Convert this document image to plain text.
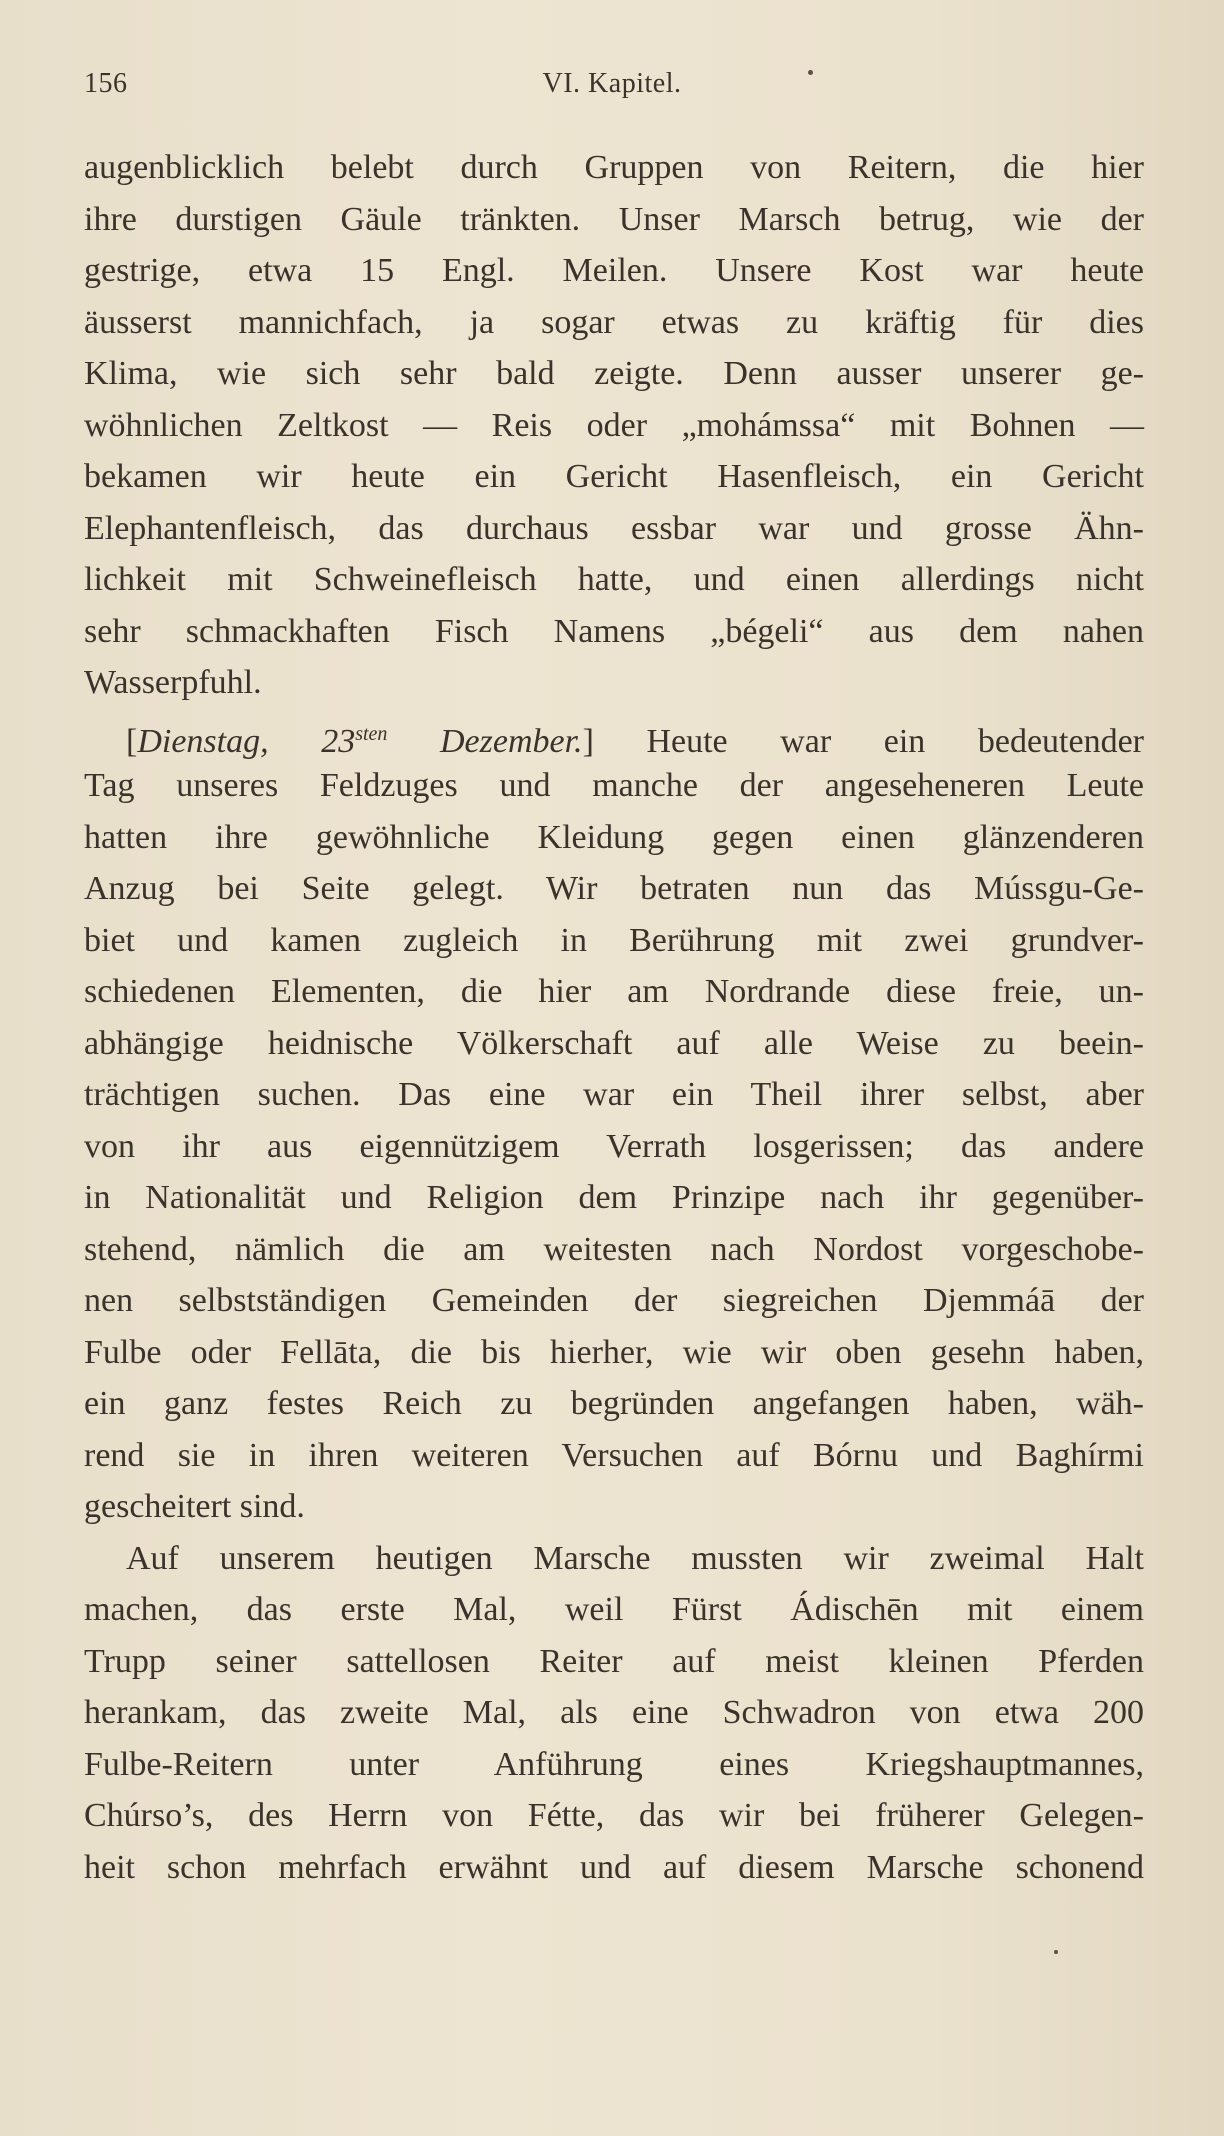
156	VI. Kapitel.
augenblicklich belebt durch Gruppen von Reitern, die hier
ihre durstigen Gäule tränkten. Unser Marsch betrug, wie der
gestrige, etwa 15 Engl. Meilen. Unsere Kost war heute
äusserst mannichfach, ja sogar etwas zu kräftig für dies
Klima, wie sich sehr bald zeigte. Denn ausser unserer ge-
wöhnlichen Zeltkost — Reis oder „mohámssa“ mit Bohnen —
bekamen wir heute ein Gericht Hasenfleisch, ein Gericht
Elephantenfleisch, das durchaus essbar war und grosse Ähn-
lichkeit mit Schweinefleisch hatte, und einen allerdings nicht
sehr schmackhaften Fisch Namens „bégeli“ aus dem nahen
Wasserpfuhl.
[Dienstag, $23^{sten}$ Dezember.] Heute war ein bedeutender
Tag unseres Feldzuges und manche der angeseheneren Leute
hatten ihre gewöhnliche Kleidung gegen einen glänzenderen
Anzug bei Seite gelegt. Wir betraten nun das Mússgu-Ge-
biet und kamen zugleich in Berührung mit zwei grundver-
schiedenen Elementen, die hier am Nordrande diese freie, un-
abhängige heidnische Völkerschaft auf alle Weise zu beein-
trächtigen suchen. Das eine war ein Theil ihrer selbst, aber
von ihr aus eigennützigem Verrath losgerissen; das andere
in Nationalität und Religion dem Prinzipe nach ihr gegenüber-
stehend, nämlich die am weitesten nach Nordost vorgeschobe-
nen selbstständigen Gemeinden der siegreichen Djemmáā der
Fulbe oder Fellāta, die bis hierher, wie wir oben gesehn haben,
ein ganz festes Reich zu begründen angefangen haben, wäh-
rend sie in ihren weiteren Versuchen auf Bórnu und Baghírmi
gescheitert sind.
Auf unserem heutigen Marsche mussten wir zweimal Halt
machen, das erste Mal, weil Fürst Ádischēn mit einem
Trupp seiner sattellosen Reiter auf meist kleinen Pferden
herankam, das zweite Mal, als eine Schwadron von etwa 200
Fulbe-Reitern unter Anführung eines Kriegshauptmannes,
Chúrso’s, des Herrn von Fétte, das wir bei früherer Gelegen-
heit schon mehrfach erwähnt und auf diesem Marsche schonend
